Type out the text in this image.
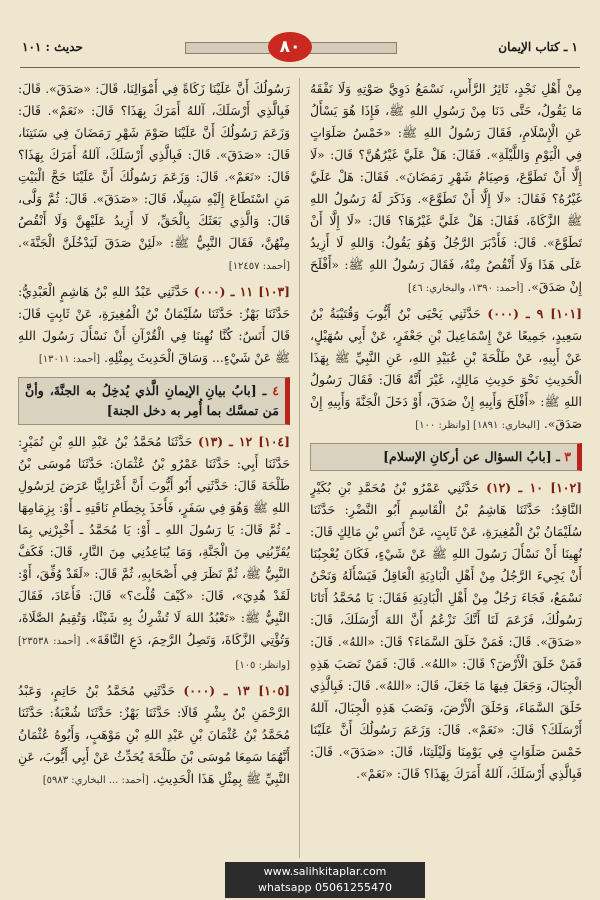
حديث : ١٠١	٨٠	١ ـ كتاب الإيمان

مِنْ أَهْلِ نَجْدٍ، ثَائِرُ الرَّأْسِ، نَسْمَعُ دَوِيَّ صَوْتِهِ وَلَا نَفْقَهُ مَا يَقُولُ، حَتَّى دَنَا مِنْ رَسُولِ اللهِ ﷺ، فَإِذَا هُوَ يَسْأَلُ عَنِ الْإِسْلَامِ، فَقَالَ رَسُولُ اللهِ ﷺ: «خَمْسُ صَلَوَاتٍ فِي الْيَوْمِ وَاللَّيْلَةِ». فَقَالَ: هَلْ عَلَيَّ غَيْرُهُنَّ؟ قَالَ: «لَا إِلَّا أَنْ تَطَوَّعَ، وَصِيَامُ شَهْرِ رَمَضَانَ». فَقَالَ: هَلْ عَلَيَّ غَيْرُهُ؟ فَقَالَ: «لَا إِلَّا أَنْ تَطَوَّعَ». وَذَكَرَ لَهُ رَسُولُ اللهِ ﷺ الزَّكَاةَ، فَقَالَ: هَلْ عَلَيَّ غَيْرُهَا؟ قَالَ: «لَا إِلَّا أَنْ تَطَوَّعَ». قَالَ: فَأَدْبَرَ الرَّجُلُ وَهُوَ يَقُولُ: وَاللهِ لَا أَزِيدُ عَلَى هَذَا وَلَا أَنْقُصُ مِنْهُ، فَقَالَ رَسُولُ اللهِ ﷺ: «أَفْلَحَ إِنْ صَدَقَ». [أحمد: ١٣٩٠، والبخاري: ٤٦]

[١٠١] ٩ ـ (٠٠٠) حَدَّثَنِي يَحْيَى بْنُ أَيُّوبَ وَقُتَيْبَةُ بْنُ سَعِيدٍ، جَمِيعًا عَنْ إِسْمَاعِيلَ بْنِ جَعْفَرٍ، عَنْ أَبِي سُهَيْلٍ، عَنْ أَبِيهِ، عَنْ طَلْحَةَ بْنِ عُبَيْدِ اللهِ، عَنِ النَّبِيِّ ﷺ بِهَذَا الْحَدِيثِ نَحْوَ حَدِيثِ مَالِكٍ، غَيْرَ أَنَّهُ قَالَ: فَقَالَ رَسُولُ اللهِ ﷺ: «أَفْلَحَ وَأَبِيهِ إِنْ صَدَقَ، أَوْ دَخَلَ الْجَنَّةَ وَأَبِيهِ إِنْ صَدَقَ». [البخاري: ١٨٩١] [وانظر: ١٠٠]

٣ ـ [بابُ السؤال عن أركانِ الإسلام]

[١٠٢] ١٠ ـ (١٢) حَدَّثَنِي عَمْرُو بْنُ مُحَمَّدِ بْنِ بُكَيْرٍ النَّاقِدُ: حَدَّثَنَا هَاشِمُ بْنُ الْقَاسِمِ أَبُو النَّضْرِ: حَدَّثَنَا سُلَيْمَانُ بْنُ الْمُغِيرَةِ، عَنْ ثَابِتٍ، عَنْ أَنَسِ بْنِ مَالِكٍ قَالَ: نُهِينَا أَنْ نَسْأَلَ رَسُولَ اللهِ ﷺ عَنْ شَيْءٍ، فَكَانَ يُعْجِبُنَا أَنْ يَجِيءَ الرَّجُلُ مِنْ أَهْلِ الْبَادِيَةِ الْعَاقِلُ فَيَسْأَلَهُ وَنَحْنُ نَسْمَعُ، فَجَاءَ رَجُلٌ مِنْ أَهْلِ الْبَادِيَةِ فَقَالَ: يَا مُحَمَّدُ أَتَانَا رَسُولُكَ، فَزَعَمَ لَنَا أَنَّكَ تَزْعُمُ أَنَّ اللهَ أَرْسَلَكَ، قَالَ: «صَدَقَ». قَالَ: فَمَنْ خَلَقَ السَّمَاءَ؟ قَالَ: «اللهُ». قَالَ: فَمَنْ خَلَقَ الْأَرْضَ؟ قَالَ: «اللهُ». قَالَ: فَمَنْ نَصَبَ هَذِهِ الْجِبَالَ، وَجَعَلَ فِيهَا مَا جَعَلَ، قَالَ: «اللهُ». قَالَ: فَبِالَّذِي خَلَقَ السَّمَاءَ، وَخَلَقَ الْأَرْضَ، وَنَصَبَ هَذِهِ الْجِبَالَ، آللهُ أَرْسَلَكَ؟ قَالَ: «نَعَمْ». قَالَ: وَزَعَمَ رَسُولُكَ أَنَّ عَلَيْنَا خَمْسَ صَلَوَاتٍ فِي يَوْمِنَا وَلَيْلَتِنَا، قَالَ: «صَدَقَ». قَالَ: فَبِالَّذِي أَرْسَلَكَ، آللهُ أَمَرَكَ بِهَذَا؟ قَالَ: «نَعَمْ».

رَسُولُكَ أَنَّ عَلَيْنَا زَكَاةً فِي أَمْوَالِنَا، قَالَ: «صَدَقَ». قَالَ: فَبِالَّذِي أَرْسَلَكَ، آللهُ أَمَرَكَ بِهَذَا؟ قَالَ: «نَعَمْ». قَالَ: وَزَعَمَ رَسُولُكَ أَنَّ عَلَيْنَا صَوْمَ شَهْرِ رَمَضَانَ فِي سَنَتِنَا، قَالَ: «صَدَقَ». قَالَ: فَبِالَّذِي أَرْسَلَكَ، آللهُ أَمَرَكَ بِهَذَا؟ قَالَ: «نَعَمْ». قَالَ: وَزَعَمَ رَسُولُكَ أَنَّ عَلَيْنَا حَجَّ الْبَيْتِ مَنِ اسْتَطَاعَ إِلَيْهِ سَبِيلًا، قَالَ: «صَدَقَ». قَالَ: ثُمَّ وَلَّى، قَالَ: وَالَّذِي بَعَثَكَ بِالْحَقِّ، لَا أَزِيدُ عَلَيْهِنَّ وَلَا أَنْقُصُ مِنْهُنَّ، فَقَالَ النَّبِيُّ ﷺ: «لَئِنْ صَدَقَ لَيَدْخُلَنَّ الْجَنَّةَ». [أحمد: ١٢٤٥٧]

[١٠٣] ١١ ـ (٠٠٠) حَدَّثَنِي عَبْدُ اللهِ بْنُ هَاشِمٍ الْعَبْدِيُّ: حَدَّثَنَا بَهْزٌ: حَدَّثَنَا سُلَيْمَانُ بْنُ الْمُغِيرَةِ، عَنْ ثَابِتٍ قَالَ: قَالَ أَنَسٌ: كُنَّا نُهِينَا فِي الْقُرْآنِ أَنْ نَسْأَلَ رَسُولَ اللهِ ﷺ عَنْ شَيْءٍ... وَسَاقَ الْحَدِيثَ بِمِثْلِهِ. [أحمد: ١٣٠١١]

٤ ـ [بابُ بيانِ الإيمانِ الَّذي يُدخِلُ به الجنَّةَ، وأنَّ مَن تمسَّك بما أُمِر به دخل الجنة]

[١٠٤] ١٢ ـ (١٣) حَدَّثَنَا مُحَمَّدُ بْنُ عَبْدِ اللهِ بْنِ نُمَيْرٍ: حَدَّثَنَا أَبِي: حَدَّثَنَا عَمْرُو بْنُ عُثْمَانَ: حَدَّثَنَا مُوسَى بْنُ طَلْحَةَ قَالَ: حَدَّثَنِي أَبُو أَيُّوبَ أَنَّ أَعْرَابِيًّا عَرَضَ لِرَسُولِ اللهِ ﷺ وَهُوَ فِي سَفَرٍ، فَأَخَذَ بِخِطَامِ نَاقَتِهِ ـ أَوْ: بِزِمَامِهَا ـ ثُمَّ قَالَ: يَا رَسُولَ اللهِ ـ أَوْ: يَا مُحَمَّدُ ـ أَخْبِرْنِي بِمَا يُقَرِّبُنِي مِنَ الْجَنَّةِ، وَمَا يُبَاعِدُنِي مِنَ النَّارِ، قَالَ: فَكَفَّ النَّبِيُّ ﷺ، ثُمَّ نَظَرَ فِي أَصْحَابِهِ، ثُمَّ قَالَ: «لَقَدْ وُفِّقَ، أَوْ: لَقَدْ هُدِيَ»، قَالَ: «كَيْفَ قُلْتَ؟» قَالَ: فَأَعَادَ، فَقَالَ النَّبِيُّ ﷺ: «تَعْبُدُ اللهَ لَا تُشْرِكُ بِهِ شَيْئًا، وَتُقِيمُ الصَّلَاةَ، وَتُؤْتِي الزَّكَاةَ، وَتَصِلُ الرَّحِمَ، دَعِ النَّاقَةَ». [أحمد: ٢٣٥٣٨] [وانظر: ١٠٥]

[١٠٥] ١٣ ـ (٠٠٠) حَدَّثَنِي مُحَمَّدُ بْنُ حَاتِمٍ، وَعَبْدُ الرَّحْمَنِ بْنُ بِشْرٍ قَالَا: حَدَّثَنَا بَهْزٌ: حَدَّثَنَا شُعْبَةُ: حَدَّثَنَا مُحَمَّدُ بْنُ عُثْمَانَ بْنِ عَبْدِ اللهِ بْنِ مَوْهَبٍ، وَأَبُوهُ عُثْمَانُ أَنَّهُمَا سَمِعَا مُوسَى بْنَ طَلْحَةَ يُحَدِّثُ عَنْ أَبِي أَيُّوبَ، عَنِ النَّبِيِّ ﷺ بِمِثْلِ هَذَا الْحَدِيثِ. [أحمد: ... البخاري: ٥٩٨٣]

www.salihkitaplar.com
whatsapp 05061255470
